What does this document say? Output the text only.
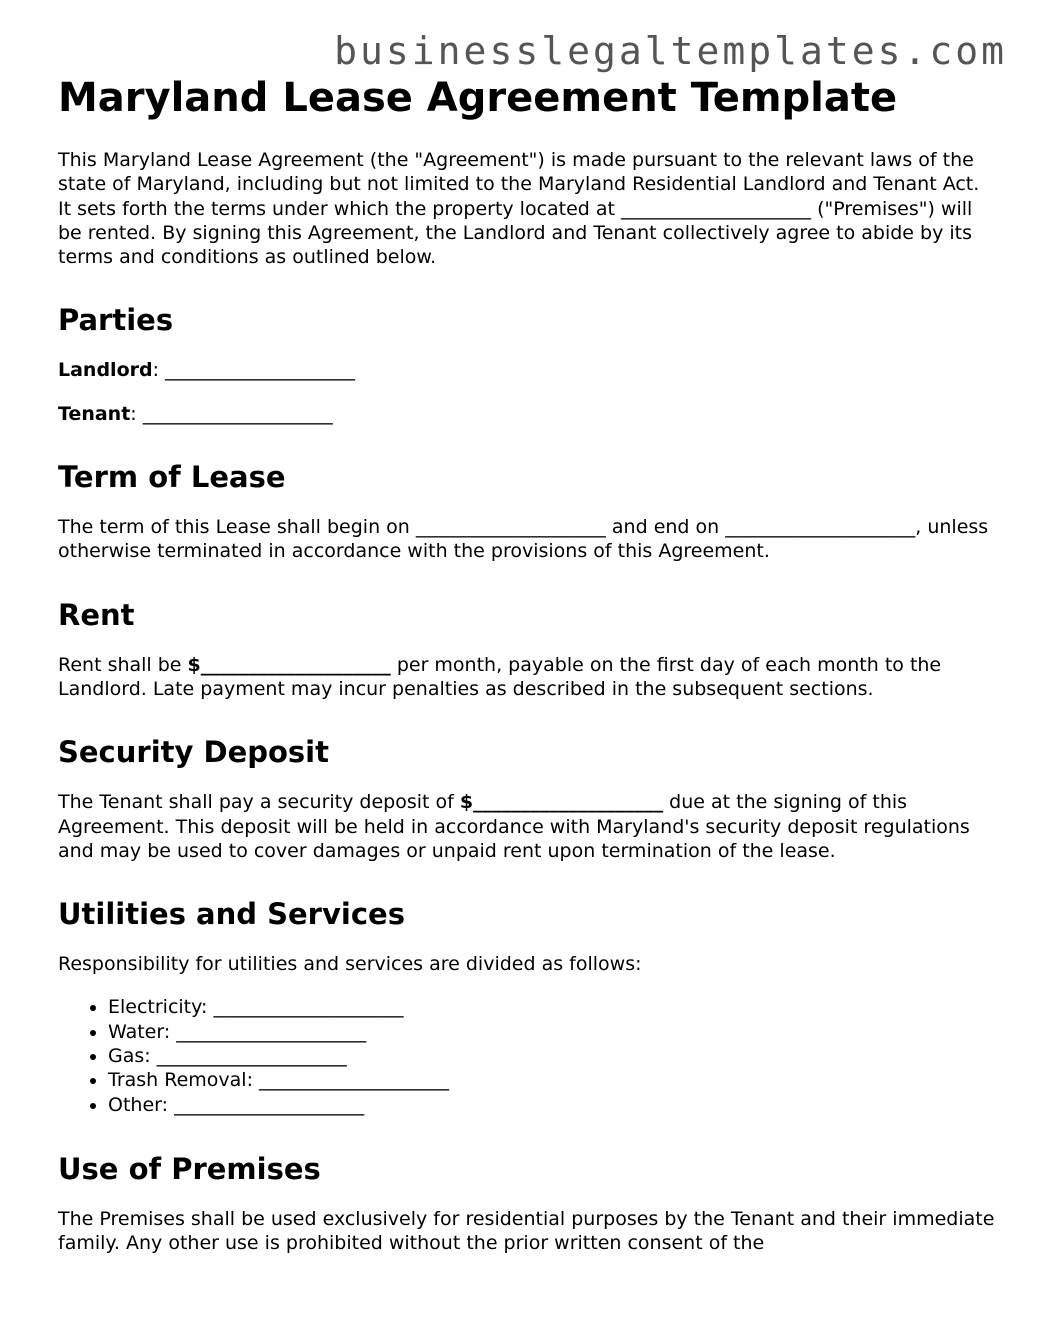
businesslegaltemplates.com
Maryland Lease Agreement Template

This Maryland Lease Agreement (the "Agreement") is made pursuant to the relevant laws of the state of Maryland, including but not limited to the Maryland Residential Landlord and Tenant Act. It sets forth the terms under which the property located at ____________________ ("Premises") will be rented. By signing this Agreement, the Landlord and Tenant collectively agree to abide by its terms and conditions as outlined below.

Parties

Landlord: ____________________

Tenant: ____________________

Term of Lease

The term of this Lease shall begin on ____________________ and end on ____________________, unless otherwise terminated in accordance with the provisions of this Agreement.

Rent

Rent shall be $____________________ per month, payable on the first day of each month to the Landlord. Late payment may incur penalties as described in the subsequent sections.

Security Deposit

The Tenant shall pay a security deposit of $____________________ due at the signing of this Agreement. This deposit will be held in accordance with Maryland's security deposit regulations and may be used to cover damages or unpaid rent upon termination of the lease.

Utilities and Services

Responsibility for utilities and services are divided as follows:

• Electricity: ____________________
• Water: ____________________
• Gas: ____________________
• Trash Removal: ____________________
• Other: ____________________
Use of Premises

The Premises shall be used exclusively for residential purposes by the Tenant and their immediate family. Any other use is prohibited without the prior written consent of the
